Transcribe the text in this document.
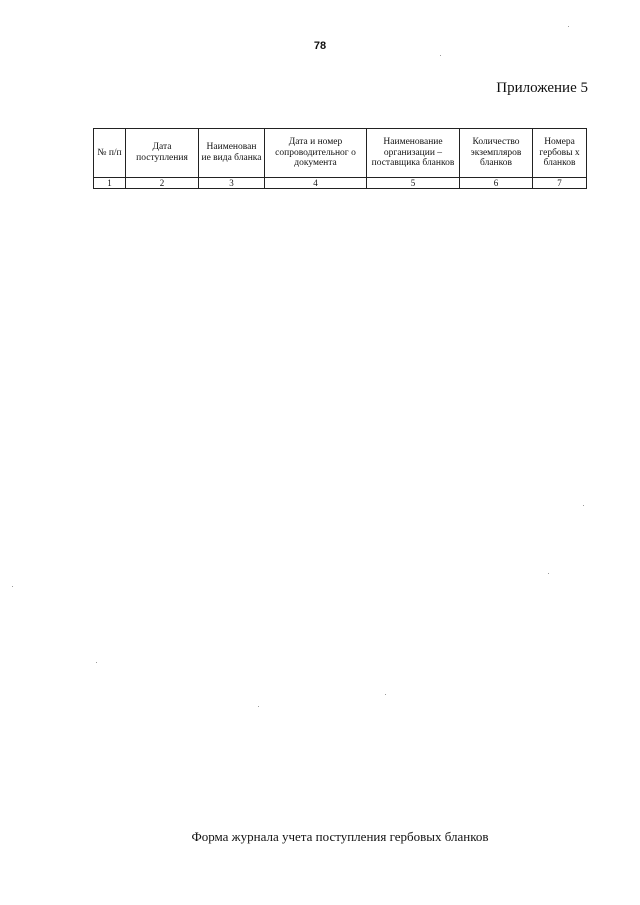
78
Приложение 5
№ п/п	Дата поступления	Наименован ие вида бланка	Дата и номер сопроводительног о документа	Наименование организации – поставщика бланков	Количество экземпляров бланков	Номера гербовы х бланков
1	2	3	4	5	6	7
Форма журнала учета поступления гербовых бланков
